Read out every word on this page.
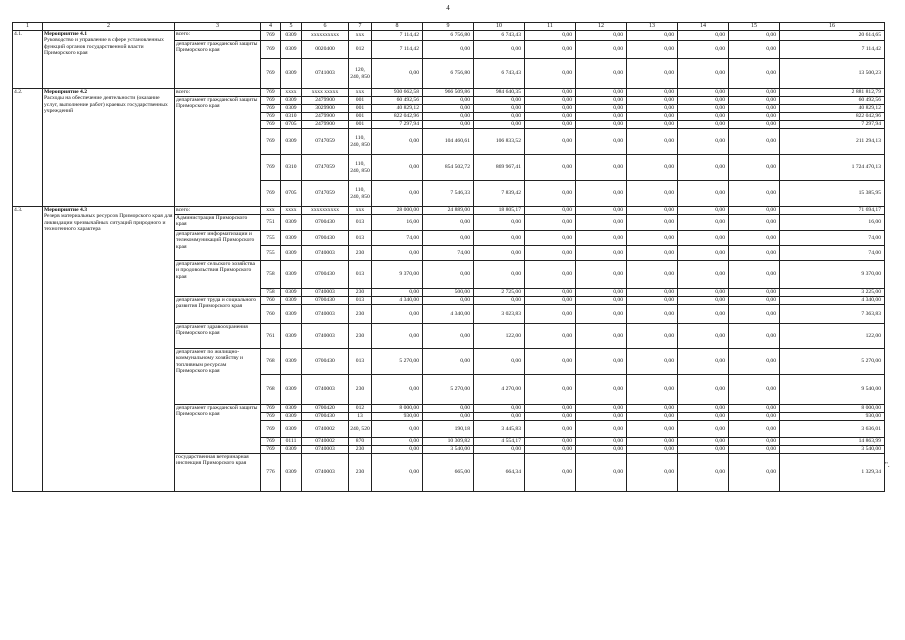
4
1	2	3	4	5	6	7	8	9	10	11	12	13	14	15	16
4.1.	Мероприятие 4.1
Руководство и управление в сфере установленных функций органов государственной власти Приморского края	всего:	769	0309	хххххххххх	ххх	7 114,42	6 756,80	6 743,43	0,00	0,00	0,00	0,00	0,00	20 614,65
		департамент гражданской защиты Приморского края	769	0309	0020400	012	7 114,42	0,00	0,00	0,00	0,00	0,00	0,00	0,00	7 114,42
			769	0309	0741003	120, 240, 850	0,00	6 756,80	6 743,43	0,00	0,00	0,00	0,00	0,00	13 500,23
4.2.	Мероприятие 4.2
Расходы на обеспечение деятельности (оказание услуг, выполнение работ) краевых государственных учреждений	всего:	769	хххх	хххх ххххх	ххх	930 662,58	966 509,86	984 640,35	0,00	0,00	0,00	0,00	0,00	2 881 812,79
		департамент гражданской защиты Приморского края	769	0309	2479900	001	60 492,56	0,00	0,00	0,00	0,00	0,00	0,00	0,00	60 492,56
			769	0309	3029900	001	40 829,12	0,00	0,00	0,00	0,00	0,00	0,00	0,00	40 829,12
			769	0310	2479900	001	822 042,96	0,00	0,00	0,00	0,00	0,00	0,00	0,00	822 042,96
			769	0705	2479900	001	7 297,94	0,00	0,00	0,00	0,00	0,00	0,00	0,00	7 297,94
			769	0309	0747059	110, 240, 850	0,00	104 460,61	106 833,52	0,00	0,00	0,00	0,00	0,00	211 294,13
			769	0310	0747059	110, 240, 850	0,00	854 502,72	869 967,41	0,00	0,00	0,00	0,00	0,00	1 724 470,13
			769	0705	0747059	110, 240, 850	0,00	7 546,33	7 839,42	0,00	0,00	0,00	0,00	0,00	15 385,95
4.3.	Мероприятие 4.3
Резерв материальных ресурсов Приморского края для ликвидации чрезвычайных ситуаций природного и техногенного характера	всего:	ххх	хххх	хххххххххх	ххх	28 000,00	24 889,00	18 805,17	0,00	0,00	0,00	0,00	0,00	71 694,17
		Администрация Приморского края	751	0309	0700430	013	16,00	0,00	0,00	0,00	0,00	0,00	0,00	0,00	16,00
		департамент информатизации и телекоммуникаций Приморского края	755	0309	0700430	013	74,00	0,00	0,00	0,00	0,00	0,00	0,00	0,00	74,00
			755	0309	0740003	230	0,00	74,00	0,00	0,00	0,00	0,00	0,00	0,00	74,00
		департамент сельского хозяйства и продовольствия Приморского края	758	0309	0700430	013	9 370,00	0,00	0,00	0,00	0,00	0,00	0,00	0,00	9 370,00
			758	0309	0740003	230	0,00	500,00	2 725,00	0,00	0,00	0,00	0,00	0,00	3 225,00
		департамент труда и социального развития Приморского края	760	0309	0700430	013	4 340,00	0,00	0,00	0,00	0,00	0,00	0,00	0,00	4 340,00
			760	0309	0740003	230	0,00	4 340,00	3 023,83	0,00	0,00	0,00	0,00	0,00	7 363,83
		департамент здравоохранения Приморского края	761	0309	0740003	230	0,00	0,00	122,00	0,00	0,00	0,00	0,00	0,00	122,00
		департамент по жилищно-коммунальному хозяйству и топливным ресурсам Приморского края	768	0309	0700430	013	5 270,00	0,00	0,00	0,00	0,00	0,00	0,00	0,00	5 270,00
			768	0309	0740003	230	0,00	5 270,00	4 270,00	0,00	0,00	0,00	0,00	0,00	9 540,00
		департамент гражданской защиты Приморского края	769	0309	0700420	012	8 000,00	0,00	0,00	0,00	0,00	0,00	0,00	0,00	8 000,00
			769	0309	0700430	13	930,00	0,00	0,00	0,00	0,00	0,00	0,00	0,00	930,00
			769	0309	0740002	240, 520	0,00	190,18	3 445,83	0,00	0,00	0,00	0,00	0,00	3 636,01
			769	0111	0740002	870	0,00	10 309,82	4 554,17	0,00	0,00	0,00	0,00	0,00	14 863,99
			769	0309	0740003	230	0,00	3 540,00	0,00	0,00	0,00	0,00	0,00	0,00	3 540,00
		государственная ветеринарная инспекция Приморского края	776	0309	0740003	230	0,00	665,00	664,34	0,00	0,00	0,00	0,00	0,00	1 329,34
".
